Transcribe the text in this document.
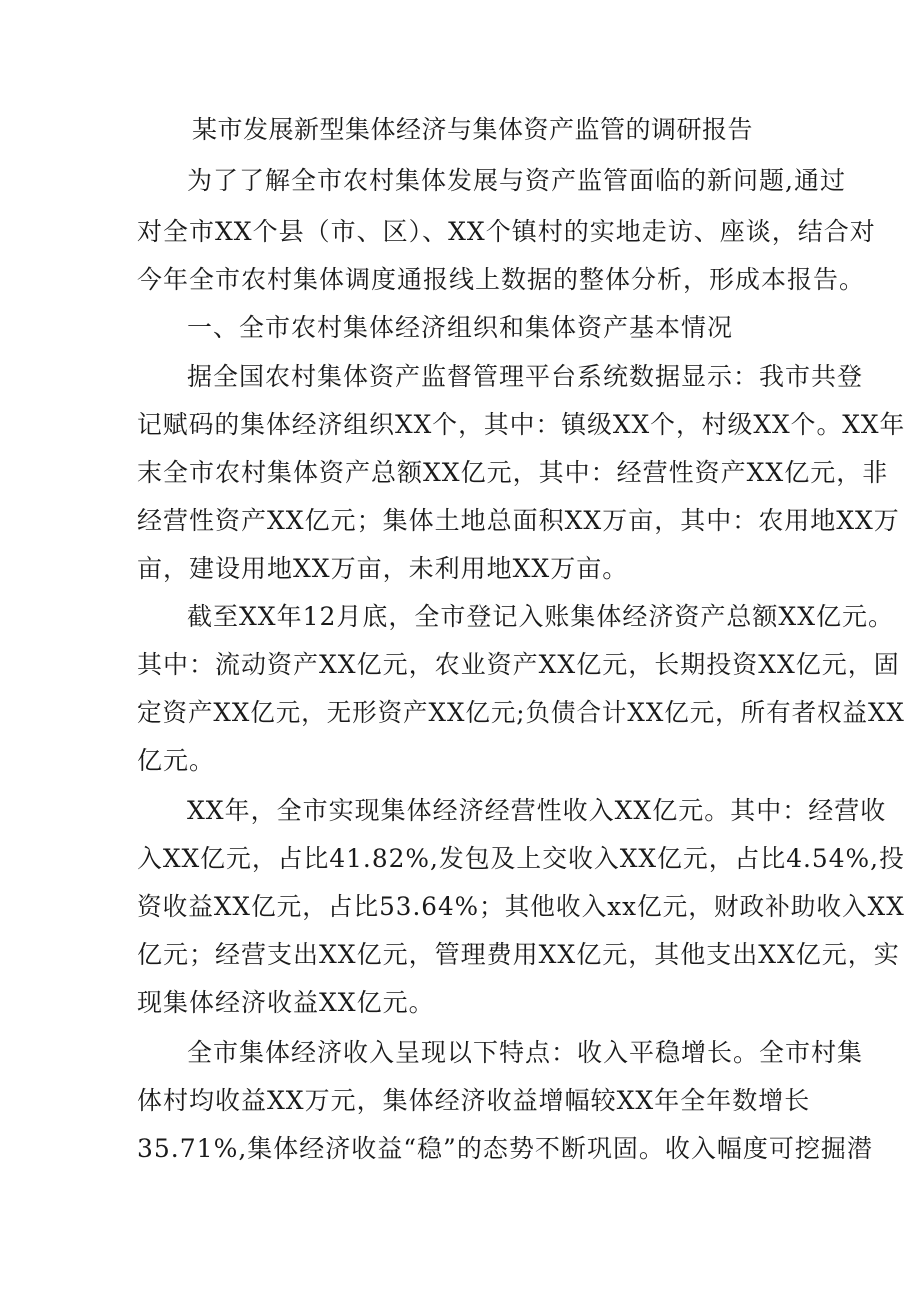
某市发展新型集体经济与集体资产监管的调研报告
为了了解全市农村集体发展与资产监管面临的新问题,通过
对全市XX个县（市、区）、XX个镇村的实地走访、座谈，结合对
今年全市农村集体调度通报线上数据的整体分析，形成本报告。
一、全市农村集体经济组织和集体资产基本情况
据全国农村集体资产监督管理平台系统数据显示：我市共登
记赋码的集体经济组织XX个，其中：镇级XX个，村级XX个。XX年
末全市农村集体资产总额XX亿元，其中：经营性资产XX亿元，非
经营性资产XX亿元；集体土地总面积XX万亩，其中：农用地XX万
亩，建设用地XX万亩，未利用地XX万亩。
截至XX年12月底，全市登记入账集体经济资产总额XX亿元。
其中：流动资产XX亿元，农业资产XX亿元，长期投资XX亿元，固
定资产XX亿元，无形资产XX亿元;负债合计XX亿元，所有者权益XX
亿元。
XX年，全市实现集体经济经营性收入XX亿元。其中：经营收
入XX亿元，占比41.82%,发包及上交收入XX亿元，占比4.54%,投
资收益XX亿元，占比53.64%；其他收入xx亿元，财政补助收入XX
亿元；经营支出XX亿元，管理费用XX亿元，其他支出XX亿元，实
现集体经济收益XX亿元。
全市集体经济收入呈现以下特点：收入平稳增长。全市村集
体村均收益XX万元，集体经济收益增幅较XX年全年数增长
35.71%,集体经济收益“稳”的态势不断巩固。收入幅度可挖掘潜
